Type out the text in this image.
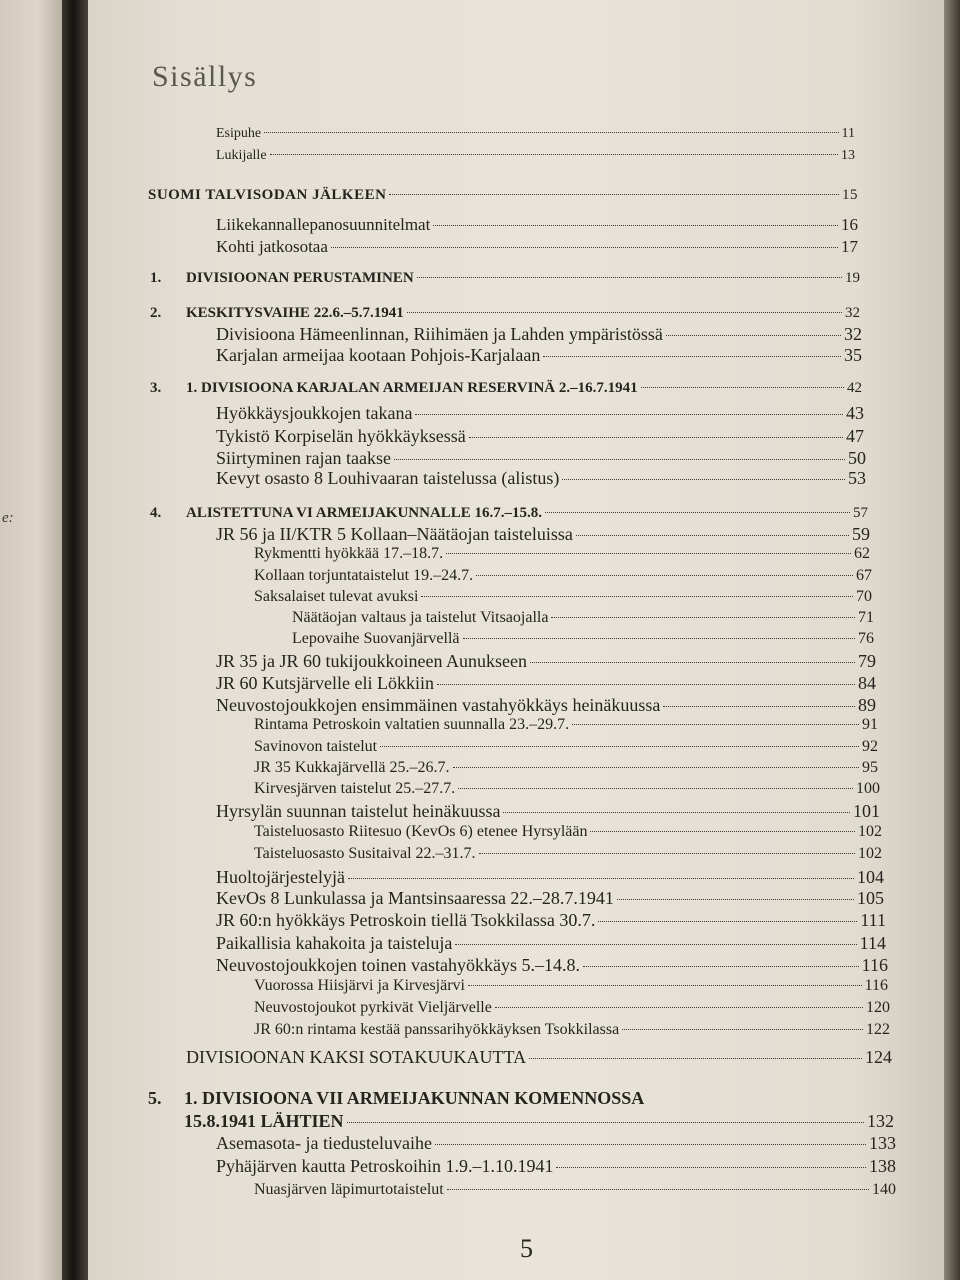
e:
Sisällys
Esipuhe	11
Lukijalle	13
SUOMI TALVISODAN JÄLKEEN	15
Liikekannallepanosuunnitelmat	16
Kohti jatkosotaa	17
1.	DIVISIOONAN PERUSTAMINEN	19
2.	KESKITYSVAIHE 22.6.–5.7.1941	32
Divisioona Hämeenlinnan, Riihimäen ja Lahden ympäristössä	32
Karjalan armeijaa kootaan Pohjois-Karjalaan	35
3.	1. DIVISIOONA KARJALAN ARMEIJAN RESERVINÄ 2.–16.7.1941	42
Hyökkäysjoukkojen takana	43
Tykistö Korpiselän hyökkäyksessä	47
Siirtyminen rajan taakse	50
Kevyt osasto 8 Louhivaaran taistelussa (alistus)	53
4.	ALISTETTUNA VI ARMEIJAKUNNALLE 16.7.–15.8.	57
JR 56 ja II/KTR 5 Kollaan–Näätäojan taisteluissa	59
Rykmentti hyökkää 17.–18.7.	62
Kollaan torjuntataistelut 19.–24.7.	67
Saksalaiset tulevat avuksi	70
Näätäojan valtaus ja taistelut Vitsaojalla	71
Lepovaihe Suovanjärvellä	76
JR 35 ja JR 60 tukijoukkoineen Aunukseen	79
JR 60 Kutsjärvelle eli Lökkiin	84
Neuvostojoukkojen ensimmäinen vastahyökkäys heinäkuussa	89
Rintama Petroskoin valtatien suunnalla 23.–29.7.	91
Savinovon taistelut	92
JR 35 Kukkajärvellä 25.–26.7.	95
Kirvesjärven taistelut 25.–27.7.	100
Hyrsylän suunnan taistelut heinäkuussa	101
Taisteluosasto Riitesuo (KevOs 6) etenee Hyrsylään	102
Taisteluosasto Susitaival 22.–31.7.	102
Huoltojärjestelyjä	104
KevOs 8 Lunkulassa ja Mantsinsaaressa 22.–28.7.1941	105
JR 60:n hyökkäys Petroskoin tiellä Tsokkilassa 30.7.	111
Paikallisia kahakoita ja taisteluja	114
Neuvostojoukkojen toinen vastahyökkäys 5.–14.8.	116
Vuorossa Hiisjärvi ja Kirvesjärvi	116
Neuvostojoukot pyrkivät Vieljärvelle	120
JR 60:n rintama kestää panssarihyökkäyksen Tsokkilassa	122
DIVISIOONAN KAKSI SOTAKUUKAUTTA	124
5.	1. DIVISIOONA VII ARMEIJAKUNNAN KOMENNOSSA
15.8.1941 LÄHTIEN	132
Asemasota- ja tiedusteluvaihe	133
Pyhäjärven kautta Petroskoihin 1.9.–1.10.1941	138
Nuasjärven läpimurtotaistelut	140
5
